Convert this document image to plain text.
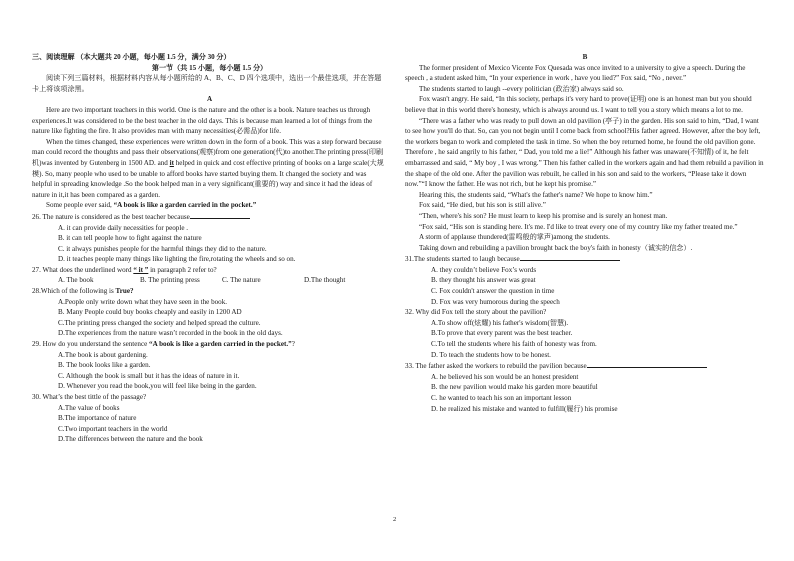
三、阅读理解 （本大题共 20 小题，每小题 1.5 分，满分 30 分）

第一节（共 15 小题，每小题 1.5 分）

阅读下列三篇材料，根据材料内容从每小题所给的 A、B、C、D 四个选项中，选出一个最佳选项，并在答题卡上将该项涂黑。

A

Here are two important teachers in this world. One is the nature and the other is a book. Nature teaches us through experiences.It was considered to be the best teacher in the old days. This is because man learned a lot of things from the nature like fighting the fire. It also provides man with many necessities(必需品)for life.

When the times changed, these experiences were written down in the form of a book. This was a step forward because man could record the thoughts and pass their observations(观察)from one generation(代)to another.The printing press(印刷机)was invented by Gutenberg in 1500 AD. and it helped in quick and cost effective printing of books on a large scale(大规模). So, many people who used to be unable to afford books have started buying them. It changed the society and was helpful in spreading knowledge .So the book helped man in a very significant(重要的) way and since it had the ideas of nature in it,it has been compared as a garden.

Some people ever said, “A book is like a garden carried in the pocket.”

26. The nature is considered as the best teacher because

A. it can provide daily necessities for people .

B. it can tell people how to fight against the nature

C. it always punishes people for the harmful things they did to the nature.

D. it teaches people many things like lighting the fire,rotating the wheels and so on.

27. What does the underlined word “ it ” in paragraph 2 refer to?

A. The book	B. The printing press	C. The nature	D.The thought

28.Which of the following is True?

A.People only write down what they have seen in the book.

B. Many People could buy books cheaply and easily in 1200 AD

C.The printing press changed the society and helped spread the culture.

D.The experiences from the nature wasn’t recorded in the book in the old days.

29. How do you understand the sentence “A book is like a garden carried in the pocket.”?

A.The book is about gardening.

B. The book looks like a garden.

C. Although the book is small but it has the ideas of nature in it.

D. Whenever you read the book,you will feel like being in the garden.

30. What’s the best tittle of the passage?

A.The value of books

B.The importance of nature

C.Two important teachers in the world

D.The differences between the nature and the book

B

The former president of Mexico Vicente Fox Quesada was once invited to a university to give a speech. During the speech , a student asked him, “In your experience in work , have you lied?” Fox said, “No , never.”

The students started to laugh --every politician (政治家) always said so.

Fox wasn't angry. He said, “In this society, perhaps it's very hard to prove(证明) one is an honest man but you should believe that in this world there's honesty, which is always around us. I want to tell you a story which means a lot to me.

“There was a father who was ready to pull down an old pavilion (亭子) in the garden. His son said to him, “Dad, I want to see how you'll do that. So, can you not begin until I come back from school?His father agreed. However, after the boy left, the workers began to work and completed the task in time. So when the boy returned home, he found the old pavilion gone. Therefore , he said angrily to his father, “ Dad, you told me a lie!” Although his father was unaware(不知情) of it, he felt embarrassed and said, “ My boy , I was wrong.” Then his father called in the workers again and had them rebuild a pavilion in the shape of the old one. After the pavilion was rebuilt, he called in his son and said to the workers, “Please take it down now.”“I know the father. He was not rich, but he kept his promise.”

Hearing this, the students said, “What's the father's name? We hope to know him.”

Fox said, “He died, but his son is still alive.”

“Then, where's his son? He must learn to keep his promise and is surely an honest man.

“Fox said, “His son is standing here. It's me. I'd like to treat every one of my country like my father treated me.”

A storm of applause thundered(雷鸣般的掌声)among the students.

Taking down and rebuilding a pavilion brought back the boy's faith in honesty（诚实的信念）.

31.The students started to laugh because

A. they couldn’t believe Fox’s words

B. they thought his answer was great

C. Fox couldn't answer the question in time

D. Fox was very humorous during the speech

32. Why did Fox tell the story about the pavilion?

A.To show off(炫耀) his father's wisdom(智慧).

B.To prove that every parent was the best teacher.

C.To tell the students where his faith of honesty was from.

D. To teach the students how to be honest.

33. The father asked the workers to rebuild the pavilion because

A. he believed his son would be an honest president

B. the new pavilion would make his garden more beautiful

C. he wanted to teach his son an important lesson

D. he realized his mistake and wanted to fulfill(履行) his promise

2
